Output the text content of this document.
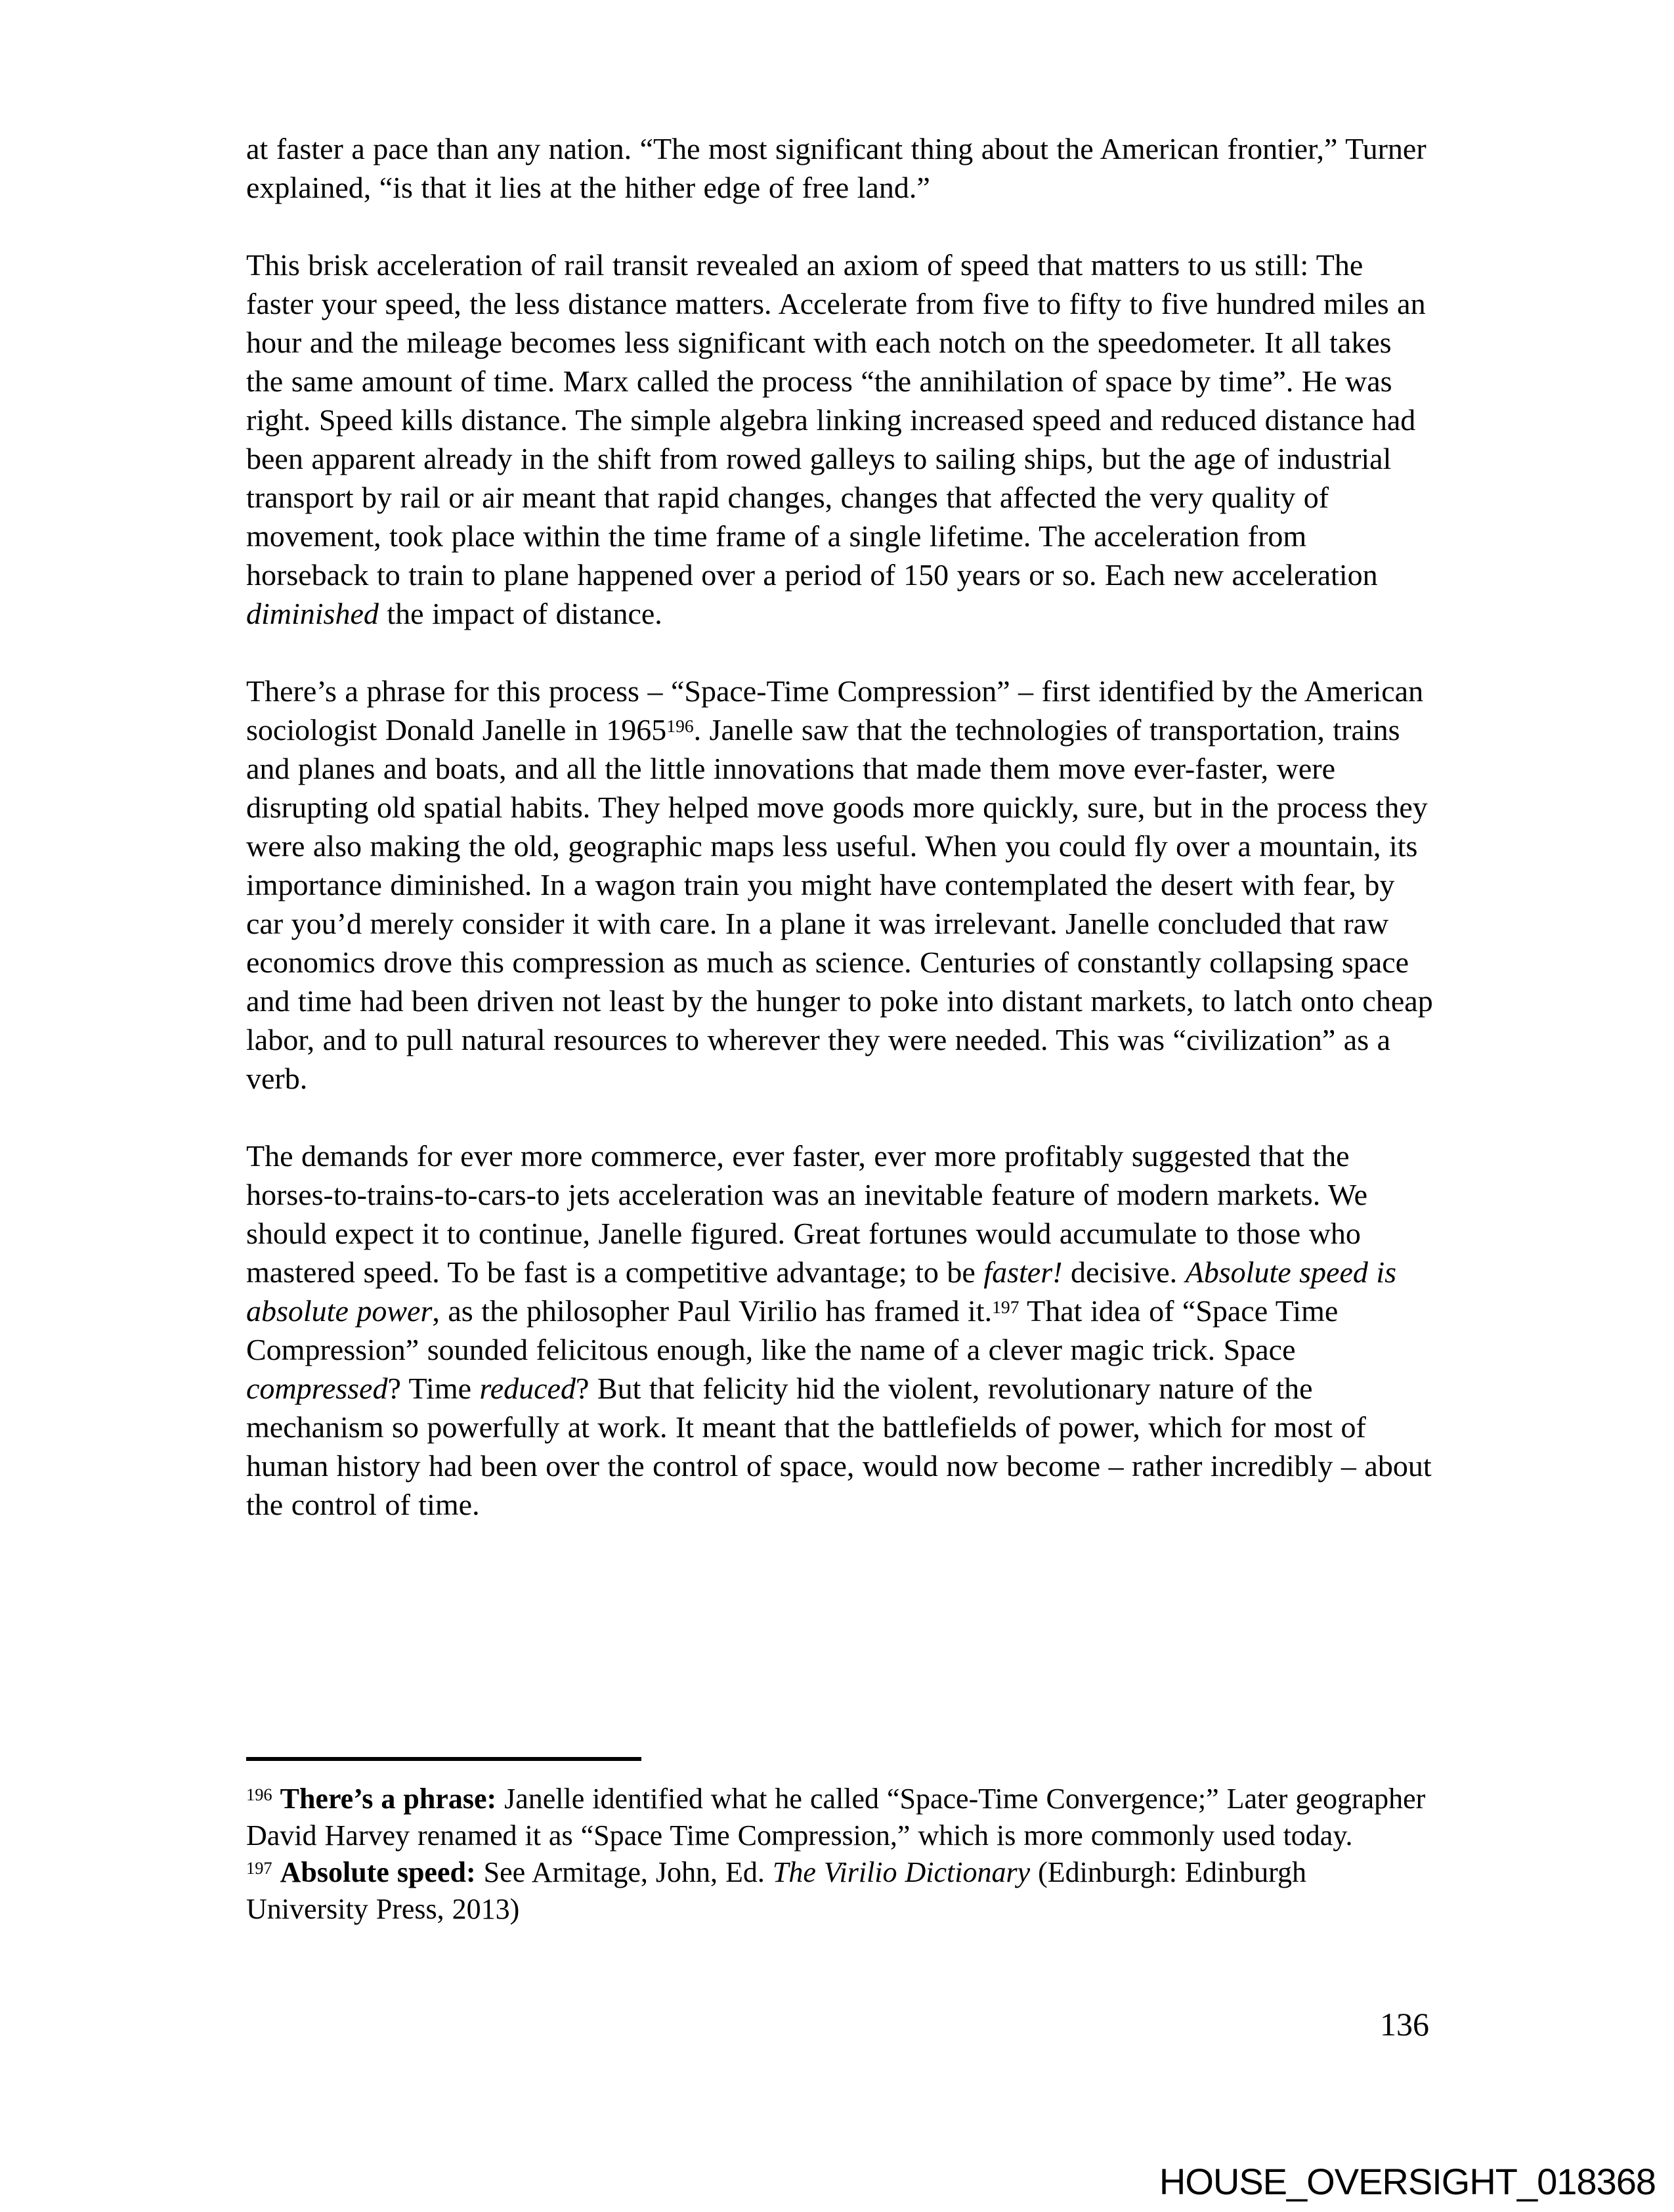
at faster a pace than any nation. “The most significant thing about the American frontier,” Turner explained, “is that it lies at the hither edge of free land.”

This brisk acceleration of rail transit revealed an axiom of speed that matters to us still: The faster your speed, the less distance matters. Accelerate from five to fifty to five hundred miles an hour and the mileage becomes less significant with each notch on the speedometer. It all takes the same amount of time. Marx called the process “the annihilation of space by time”. He was right. Speed kills distance. The simple algebra linking increased speed and reduced distance had been apparent already in the shift from rowed galleys to sailing ships, but the age of industrial transport by rail or air meant that rapid changes, changes that affected the very quality of movement, took place within the time frame of a single lifetime. The acceleration from horseback to train to plane happened over a period of 150 years or so. Each new acceleration diminished the impact of distance.

There’s a phrase for this process – “Space-Time Compression” – first identified by the American sociologist Donald Janelle in 1965$^{196}$. Janelle saw that the technologies of transportation, trains and planes and boats, and all the little innovations that made them move ever-faster, were disrupting old spatial habits. They helped move goods more quickly, sure, but in the process they were also making the old, geographic maps less useful. When you could fly over a mountain, its importance diminished. In a wagon train you might have contemplated the desert with fear, by car you’d merely consider it with care. In a plane it was irrelevant. Janelle concluded that raw economics drove this compression as much as science. Centuries of constantly collapsing space and time had been driven not least by the hunger to poke into distant markets, to latch onto cheap labor, and to pull natural resources to wherever they were needed. This was “civilization” as a verb.

The demands for ever more commerce, ever faster, ever more profitably suggested that the horses-to-trains-to-cars-to jets acceleration was an inevitable feature of modern markets. We should expect it to continue, Janelle figured. Great fortunes would accumulate to those who mastered speed. To be fast is a competitive advantage; to be faster! decisive. Absolute speed is absolute power, as the philosopher Paul Virilio has framed it.$^{197}$ That idea of “Space Time Compression” sounded felicitous enough, like the name of a clever magic trick. Space compressed? Time reduced? But that felicity hid the violent, revolutionary nature of the mechanism so powerfully at work. It meant that the battlefields of power, which for most of human history had been over the control of space, would now become – rather incredibly – about the control of time.

$^{196}$ There’s a phrase: Janelle identified what he called “Space-Time Convergence;” Later geographer David Harvey renamed it as “Space Time Compression,” which is more commonly used today.

$^{197}$ Absolute speed: See Armitage, John, Ed. The Virilio Dictionary (Edinburgh: Edinburgh University Press, 2013)

136
HOUSE_OVERSIGHT_018368
